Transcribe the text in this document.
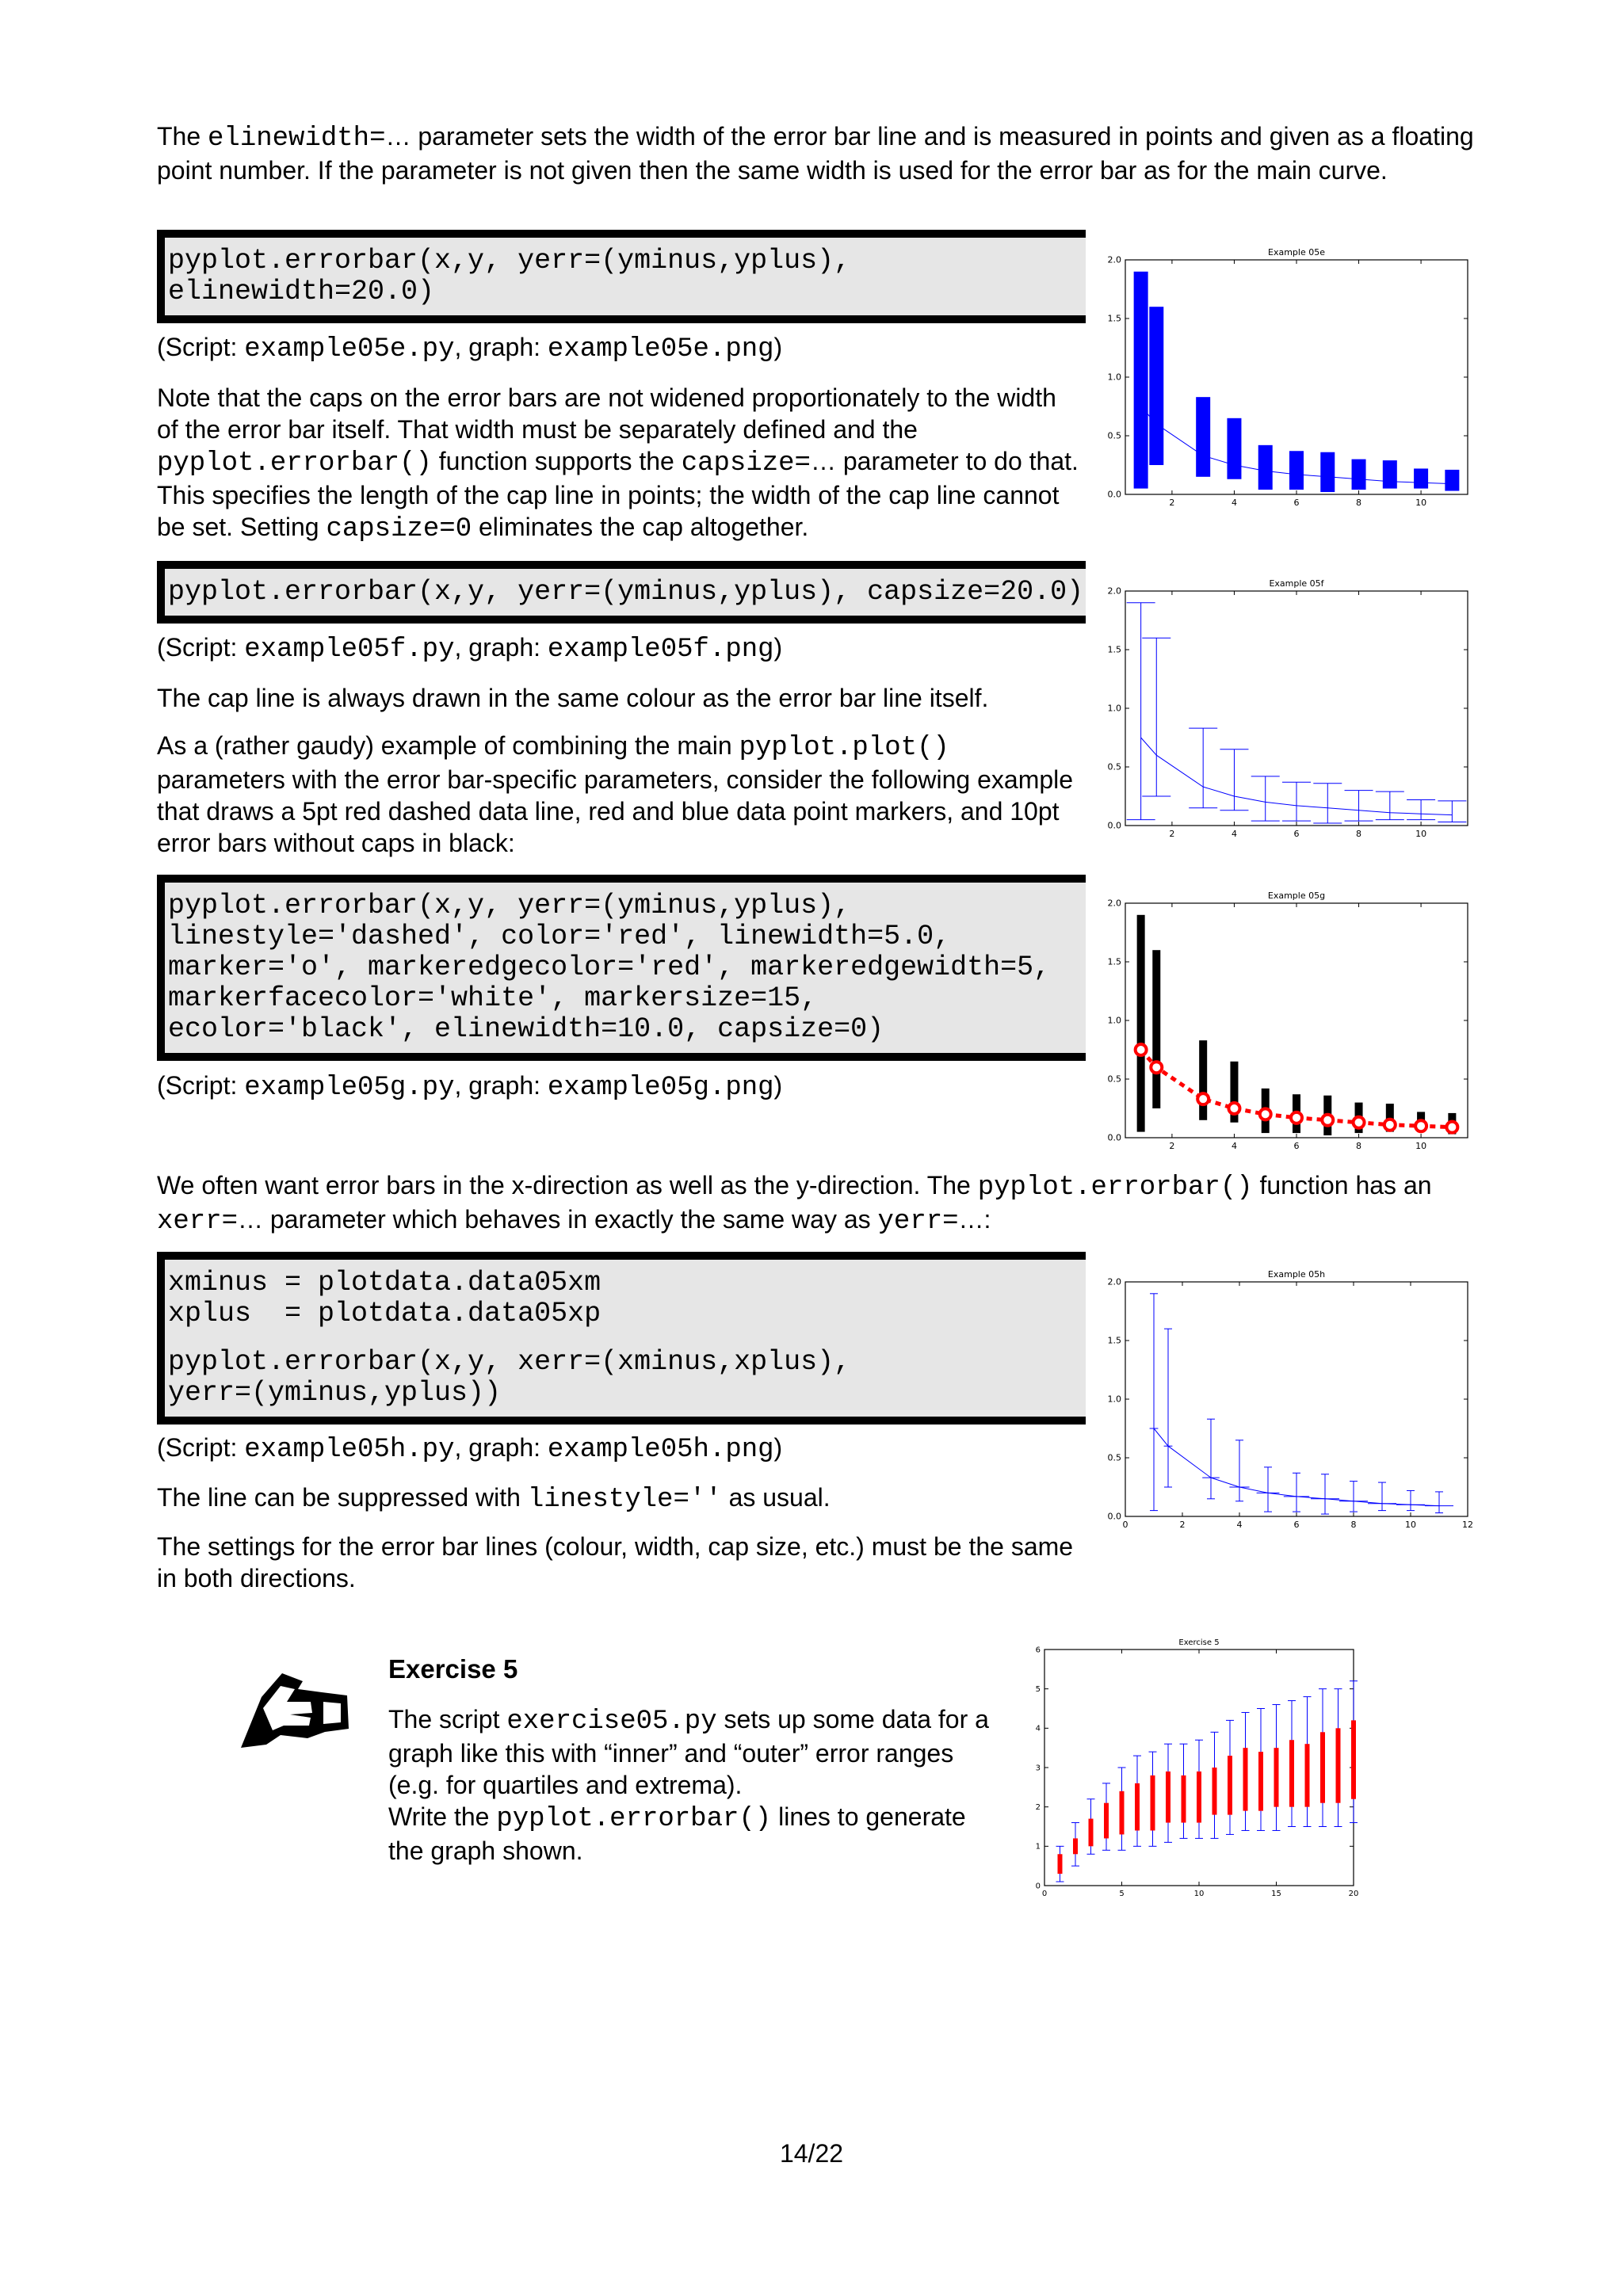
The elinewidth=… parameter sets the width of the error bar line and is measured in points and given as a floating point number. If the parameter is not given then the same width is used for the error bar as for the main curve.

pyplot.errorbar(x,y, yerr=(yminus,yplus),
elinewidth=20.0)

(Script: example05e.py, graph: example05e.png)

Note that the caps on the error bars are not widened proportionately to the width of the error bar itself. That width must be separately defined and the pyplot.errorbar() function supports the capsize=… parameter to do that. This specifies the length of the cap line in points; the width of the cap line cannot be set. Setting capsize=0 eliminates the cap altogether.

pyplot.errorbar(x,y, yerr=(yminus,yplus), capsize=20.0)

(Script: example05f.py, graph: example05f.png)

The cap line is always drawn in the same colour as the error bar line itself.

As a (rather gaudy) example of combining the main pyplot.plot() parameters with the error bar-specific parameters, consider the following example that draws a 5pt red dashed data line, red and blue data point markers, and 10pt error bars without caps in black:

pyplot.errorbar(x,y, yerr=(yminus,yplus),
linestyle='dashed', color='red', linewidth=5.0,
marker='o', markeredgecolor='red', markeredgewidth=5,
markerfacecolor='white', markersize=15,
ecolor='black', elinewidth=10.0, capsize=0)

(Script: example05g.py, graph: example05g.png)

We often want error bars in the x-direction as well as the y-direction. The pyplot.errorbar() function has an xerr=… parameter which behaves in exactly the same way as yerr=…:

xminus = plotdata.data05xm
xplus  = plotdata.data05xp
pyplot.errorbar(x,y, xerr=(xminus,xplus),
yerr=(yminus,yplus))

(Script: example05h.py, graph: example05h.png)

The line can be suppressed with linestyle='' as usual.

The settings for the error bar lines (colour, width, cap size, etc.) must be the same in both directions.

Example 05e
2	4	6	8	10
0.0
0.5
1.0
1.5
2.0
Example 05f
2	4	6	8	10
0.0
0.5
1.0
1.5
2.0
Example 05g
2	4	6	8	10
0.0
0.5
1.0
1.5
2.0
Example 05h
0	2	4	6	8	10	12
0.0
0.5
1.0
1.5
2.0
Exercise 5
0	5	10	15	20
0
1
2
3
4
5
6

Exercise 5

The script exercise05.py sets up some data for a graph like this with “inner” and “outer” error ranges (e.g. for quartiles and extrema).
Write the pyplot.errorbar() lines to generate the graph shown.

14/22
